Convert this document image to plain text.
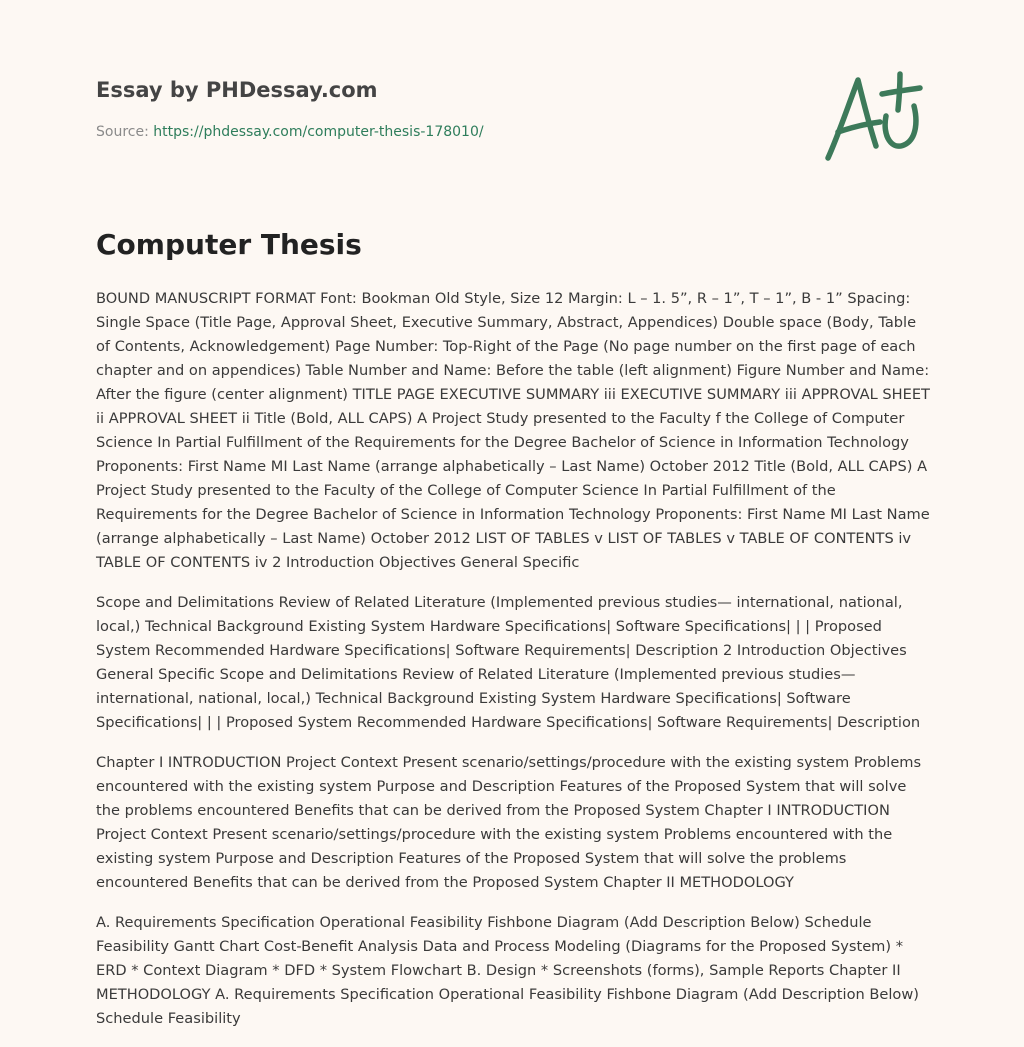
Essay by PHDessay.com
Source: https://phdessay.com/computer-thesis-178010/
Computer Thesis

BOUND MANUSCRIPT FORMAT Font: Bookman Old Style, Size 12 Margin: L – 1. 5”, R – 1”, T – 1”, B - 1” Spacing: Single Space (Title Page, Approval Sheet, Executive Summary, Abstract, Appendices) Double space (Body, Table of Contents, Acknowledgement) Page Number: Top-Right of the Page (No page number on the first page of each chapter and on appendices) Table Number and Name: Before the table (left alignment) Figure Number and Name: After the figure (center alignment) TITLE PAGE EXECUTIVE SUMMARY iii EXECUTIVE SUMMARY iii APPROVAL SHEET ii APPROVAL SHEET ii Title (Bold, ALL CAPS) A Project Study presented to the Faculty f the College of Computer Science In Partial Fulfillment of the Requirements for the Degree Bachelor of Science in Information Technology Proponents: First Name MI Last Name (arrange alphabetically – Last Name) October 2012 Title (Bold, ALL CAPS) A Project Study presented to the Faculty of the College of Computer Science In Partial Fulfillment of the Requirements for the Degree Bachelor of Science in Information Technology Proponents: First Name MI Last Name (arrange alphabetically – Last Name) October 2012 LIST OF TABLES v LIST OF TABLES v TABLE OF CONTENTS iv TABLE OF CONTENTS iv 2 Introduction Objectives General Specific

Scope and Delimitations Review of Related Literature (Implemented previous studies— international, national, local,) Technical Background Existing System Hardware Specifications| Software Specifications| | | Proposed System Recommended Hardware Specifications| Software Requirements| Description 2 Introduction Objectives General Specific Scope and Delimitations Review of Related Literature (Implemented previous studies— international, national, local,) Technical Background Existing System Hardware Specifications| Software Specifications| | | Proposed System Recommended Hardware Specifications| Software Requirements| Description

Chapter I INTRODUCTION Project Context Present scenario/settings/procedure with the existing system Problems encountered with the existing system Purpose and Description Features of the Proposed System that will solve the problems encountered Benefits that can be derived from the Proposed System Chapter I INTRODUCTION Project Context Present scenario/settings/procedure with the existing system Problems encountered with the existing system Purpose and Description Features of the Proposed System that will solve the problems encountered Benefits that can be derived from the Proposed System Chapter II METHODOLOGY

A. Requirements Specification Operational Feasibility Fishbone Diagram (Add Description Below) Schedule Feasibility Gantt Chart Cost-Benefit Analysis Data and Process Modeling (Diagrams for the Proposed System) * ERD * Context Diagram * DFD * System Flowchart B. Design * Screenshots (forms), Sample Reports Chapter II METHODOLOGY A. Requirements Specification Operational Feasibility Fishbone Diagram (Add Description Below) Schedule Feasibility
